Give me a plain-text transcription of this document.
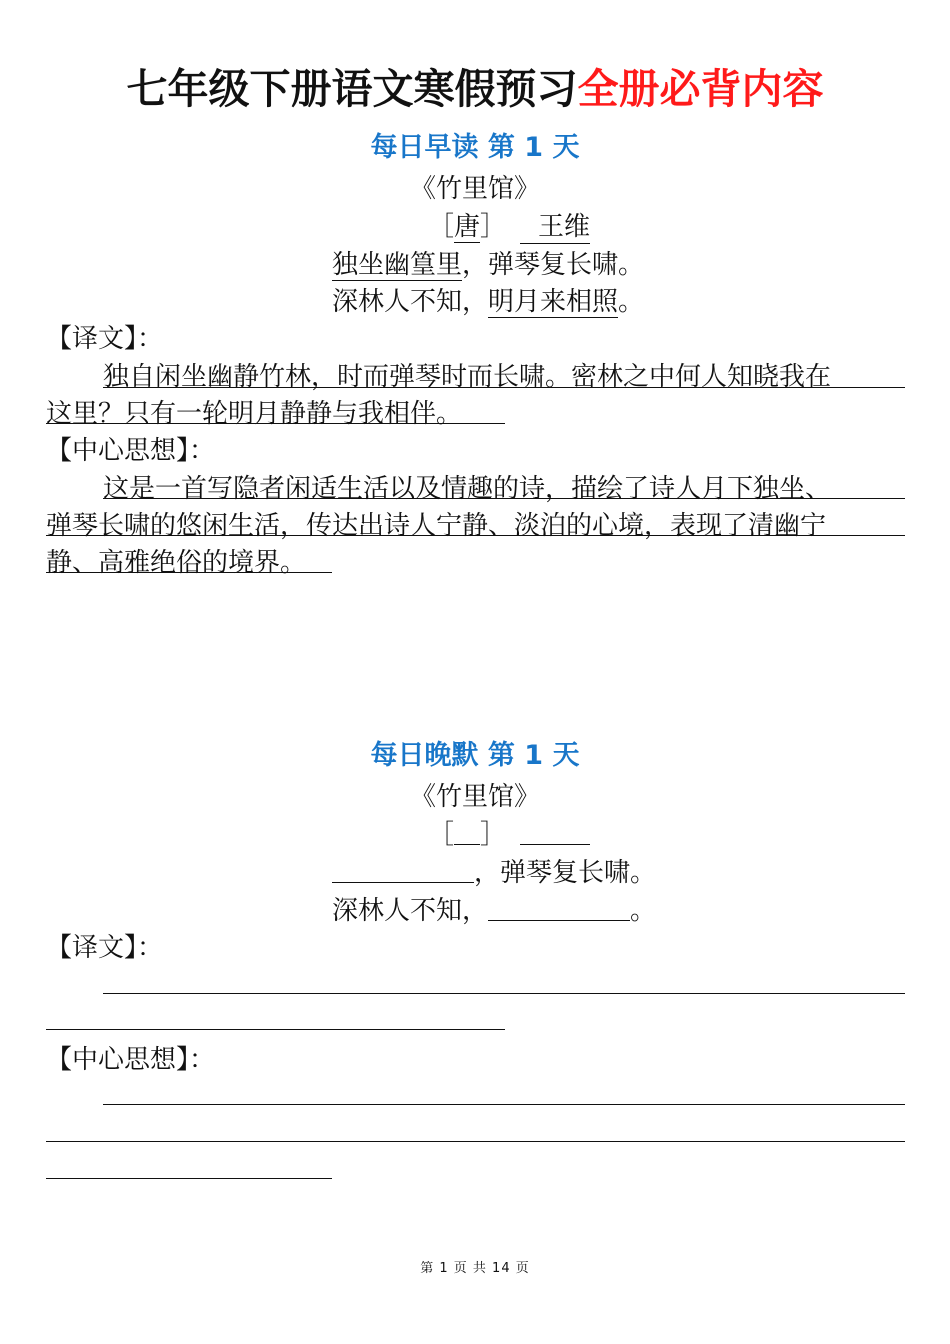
七年级下册语文寒假预习全册必背内容
每日早读 第 1 天
《竹里馆》
［唐］ 王维
独坐幽篁里，弹琴复长啸。
深林人不知，明月来相照。
【译文】：
独自闲坐幽静竹林，时而弹琴时而长啸。密林之中何人知晓我在
这里？只有一轮明月静静与我相伴。
【中心思想】：
这是一首写隐者闲适生活以及情趣的诗，描绘了诗人月下独坐、
弹琴长啸的悠闲生活，传达出诗人宁静、淡泊的心境，表现了清幽宁
静、高雅绝俗的境界。
每日晚默 第 1 天
《竹里馆》
［ ］
，弹琴复长啸。
深林人不知，	。
【译文】：
【中心思想】：
第 1 页 共 14 页
